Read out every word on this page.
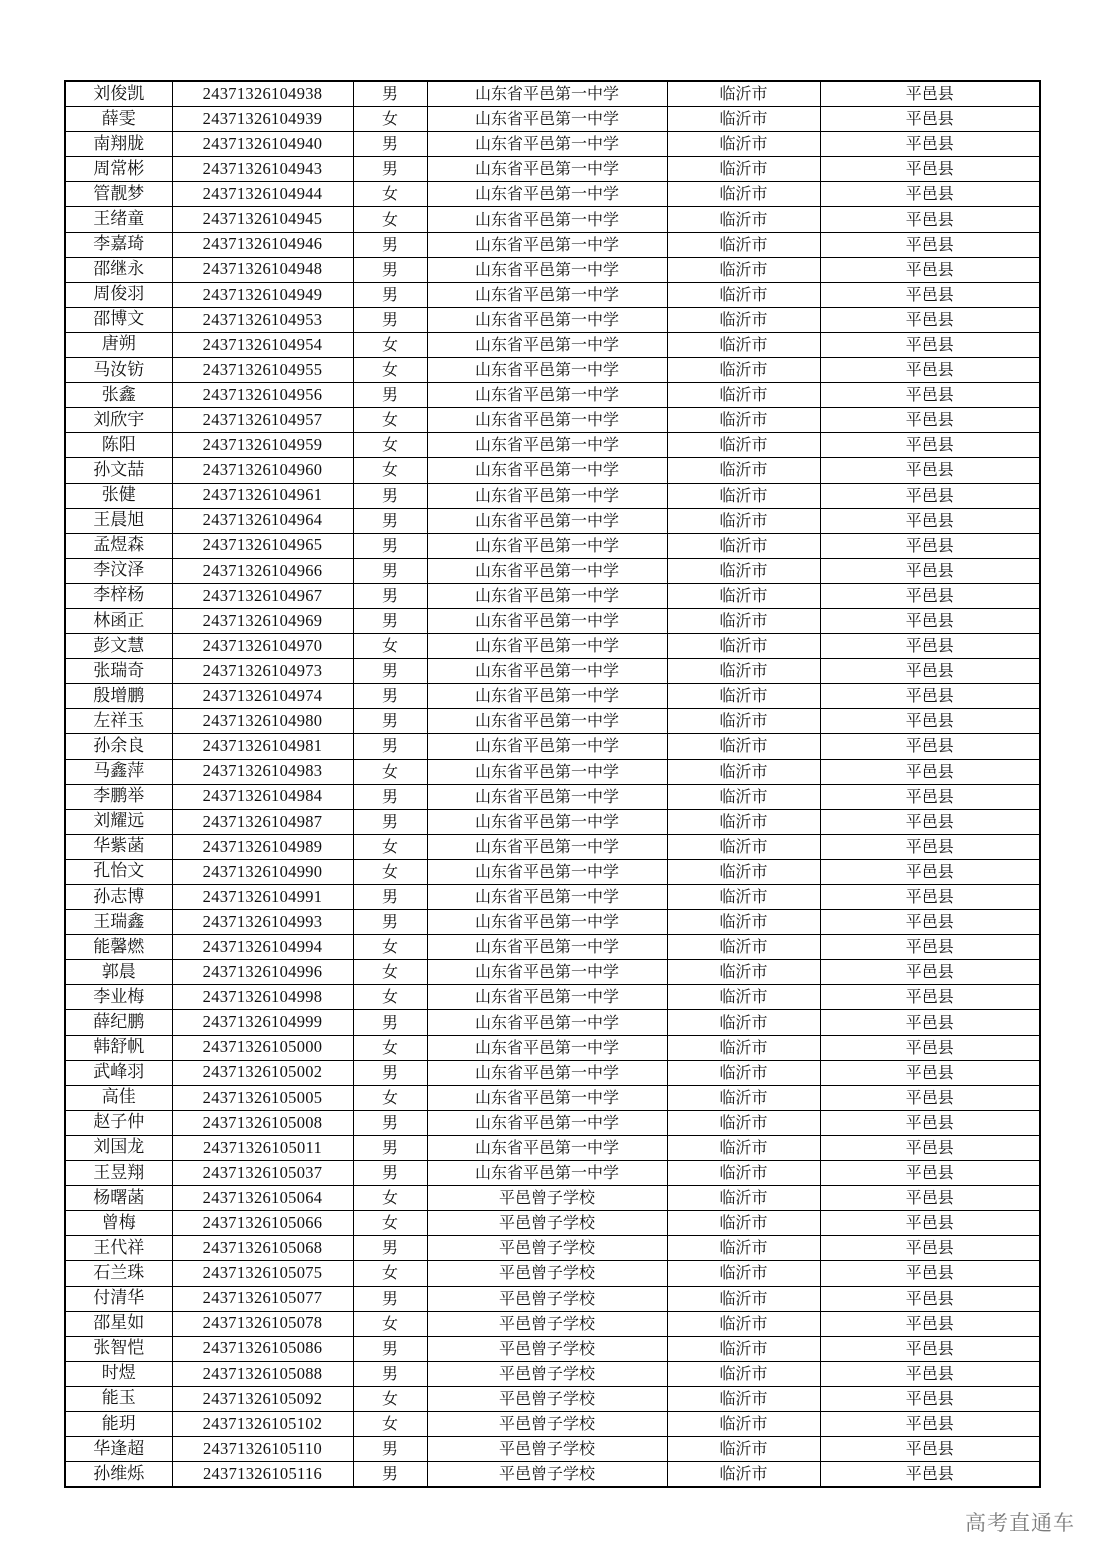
刘俊凯	24371326104938	男	山东省平邑第一中学	临沂市	平邑县
薛雯	24371326104939	女	山东省平邑第一中学	临沂市	平邑县
南翔胧	24371326104940	男	山东省平邑第一中学	临沂市	平邑县
周常彬	24371326104943	男	山东省平邑第一中学	临沂市	平邑县
管靓梦	24371326104944	女	山东省平邑第一中学	临沂市	平邑县
王绪童	24371326104945	女	山东省平邑第一中学	临沂市	平邑县
李嘉琦	24371326104946	男	山东省平邑第一中学	临沂市	平邑县
邵继永	24371326104948	男	山东省平邑第一中学	临沂市	平邑县
周俊羽	24371326104949	男	山东省平邑第一中学	临沂市	平邑县
邵博文	24371326104953	男	山东省平邑第一中学	临沂市	平邑县
唐朔	24371326104954	女	山东省平邑第一中学	临沂市	平邑县
马汝钫	24371326104955	女	山东省平邑第一中学	临沂市	平邑县
张鑫	24371326104956	男	山东省平邑第一中学	临沂市	平邑县
刘欣宇	24371326104957	女	山东省平邑第一中学	临沂市	平邑县
陈阳	24371326104959	女	山东省平邑第一中学	临沂市	平邑县
孙文喆	24371326104960	女	山东省平邑第一中学	临沂市	平邑县
张健	24371326104961	男	山东省平邑第一中学	临沂市	平邑县
王晨旭	24371326104964	男	山东省平邑第一中学	临沂市	平邑县
孟煜森	24371326104965	男	山东省平邑第一中学	临沂市	平邑县
李汶泽	24371326104966	男	山东省平邑第一中学	临沂市	平邑县
李梓杨	24371326104967	男	山东省平邑第一中学	临沂市	平邑县
林函正	24371326104969	男	山东省平邑第一中学	临沂市	平邑县
彭文慧	24371326104970	女	山东省平邑第一中学	临沂市	平邑县
张瑞奇	24371326104973	男	山东省平邑第一中学	临沂市	平邑县
殷增鹏	24371326104974	男	山东省平邑第一中学	临沂市	平邑县
左祥玉	24371326104980	男	山东省平邑第一中学	临沂市	平邑县
孙余良	24371326104981	男	山东省平邑第一中学	临沂市	平邑县
马鑫萍	24371326104983	女	山东省平邑第一中学	临沂市	平邑县
李鹏举	24371326104984	男	山东省平邑第一中学	临沂市	平邑县
刘耀远	24371326104987	男	山东省平邑第一中学	临沂市	平邑县
华紫菡	24371326104989	女	山东省平邑第一中学	临沂市	平邑县
孔怡文	24371326104990	女	山东省平邑第一中学	临沂市	平邑县
孙志博	24371326104991	男	山东省平邑第一中学	临沂市	平邑县
王瑞鑫	24371326104993	男	山东省平邑第一中学	临沂市	平邑县
能馨燃	24371326104994	女	山东省平邑第一中学	临沂市	平邑县
郭晨	24371326104996	女	山东省平邑第一中学	临沂市	平邑县
李业梅	24371326104998	女	山东省平邑第一中学	临沂市	平邑县
薛纪鹏	24371326104999	男	山东省平邑第一中学	临沂市	平邑县
韩舒帆	24371326105000	女	山东省平邑第一中学	临沂市	平邑县
武峰羽	24371326105002	男	山东省平邑第一中学	临沂市	平邑县
高佳	24371326105005	女	山东省平邑第一中学	临沂市	平邑县
赵子仲	24371326105008	男	山东省平邑第一中学	临沂市	平邑县
刘国龙	24371326105011	男	山东省平邑第一中学	临沂市	平邑县
王昱翔	24371326105037	男	山东省平邑第一中学	临沂市	平邑县
杨曙菡	24371326105064	女	平邑曾子学校	临沂市	平邑县
曾梅	24371326105066	女	平邑曾子学校	临沂市	平邑县
王代祥	24371326105068	男	平邑曾子学校	临沂市	平邑县
石兰珠	24371326105075	女	平邑曾子学校	临沂市	平邑县
付清华	24371326105077	男	平邑曾子学校	临沂市	平邑县
邵星如	24371326105078	女	平邑曾子学校	临沂市	平邑县
张智恺	24371326105086	男	平邑曾子学校	临沂市	平邑县
时煜	24371326105088	男	平邑曾子学校	临沂市	平邑县
能玉	24371326105092	女	平邑曾子学校	临沂市	平邑县
能玥	24371326105102	女	平邑曾子学校	临沂市	平邑县
华逢超	24371326105110	男	平邑曾子学校	临沂市	平邑县
孙维烁	24371326105116	男	平邑曾子学校	临沂市	平邑县
高考直通车
